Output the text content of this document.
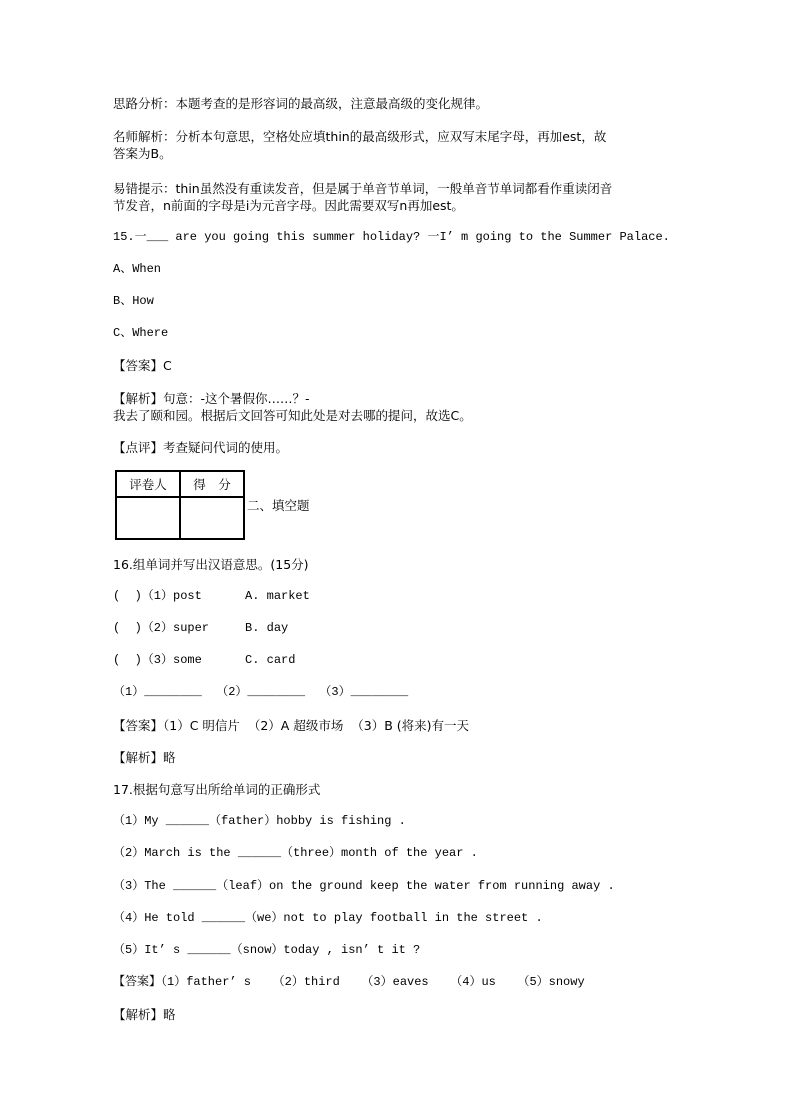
思路分析：本题考查的是形容词的最高级，注意最高级的变化规律。
名师解析：分析本句意思，空格处应填thin的最高级形式，应双写末尾字母，再加est，故
答案为B。
易错提示：thin虽然没有重读发音，但是属于单音节单词，一般单音节单词都看作重读闭音
节发音，n前面的字母是i为元音字母。因此需要双写n再加est。
15.一___ are you going this summer holiday? 一I’ m going to the Summer Palace.
A、When
B、How
C、Where
【答案】C
【解析】句意：-这个暑假你……？-
我去了颐和园。根据后文回答可知此处是对去哪的提问，故选C。
【点评】考查疑问代词的使用。
评卷人	得　分

二、填空题
16.组单词并写出汉语意思。(15分)
(  )（1）post      A. market
(  )（2）super     B. day
(  )（3）some      C. card
（1）________  （2）________  （3）________
【答案】（1）C 明信片  （2）A 超级市场  （3）B (将来)有一天
【解析】略
17.根据句意写出所给单词的正确形式
（1）My ______（father）hobby is fishing .
（2）March is the ______（three）month of the year .
（3）The ______（leaf）on the ground keep the water from running away .
（4）He told ______（we）not to play football in the street .
（5）It’ s ______（snow）today , isn’ t it ?
【答案】（1）father’ s   （2）third   （3）eaves   （4）us   （5）snowy
【解析】略
